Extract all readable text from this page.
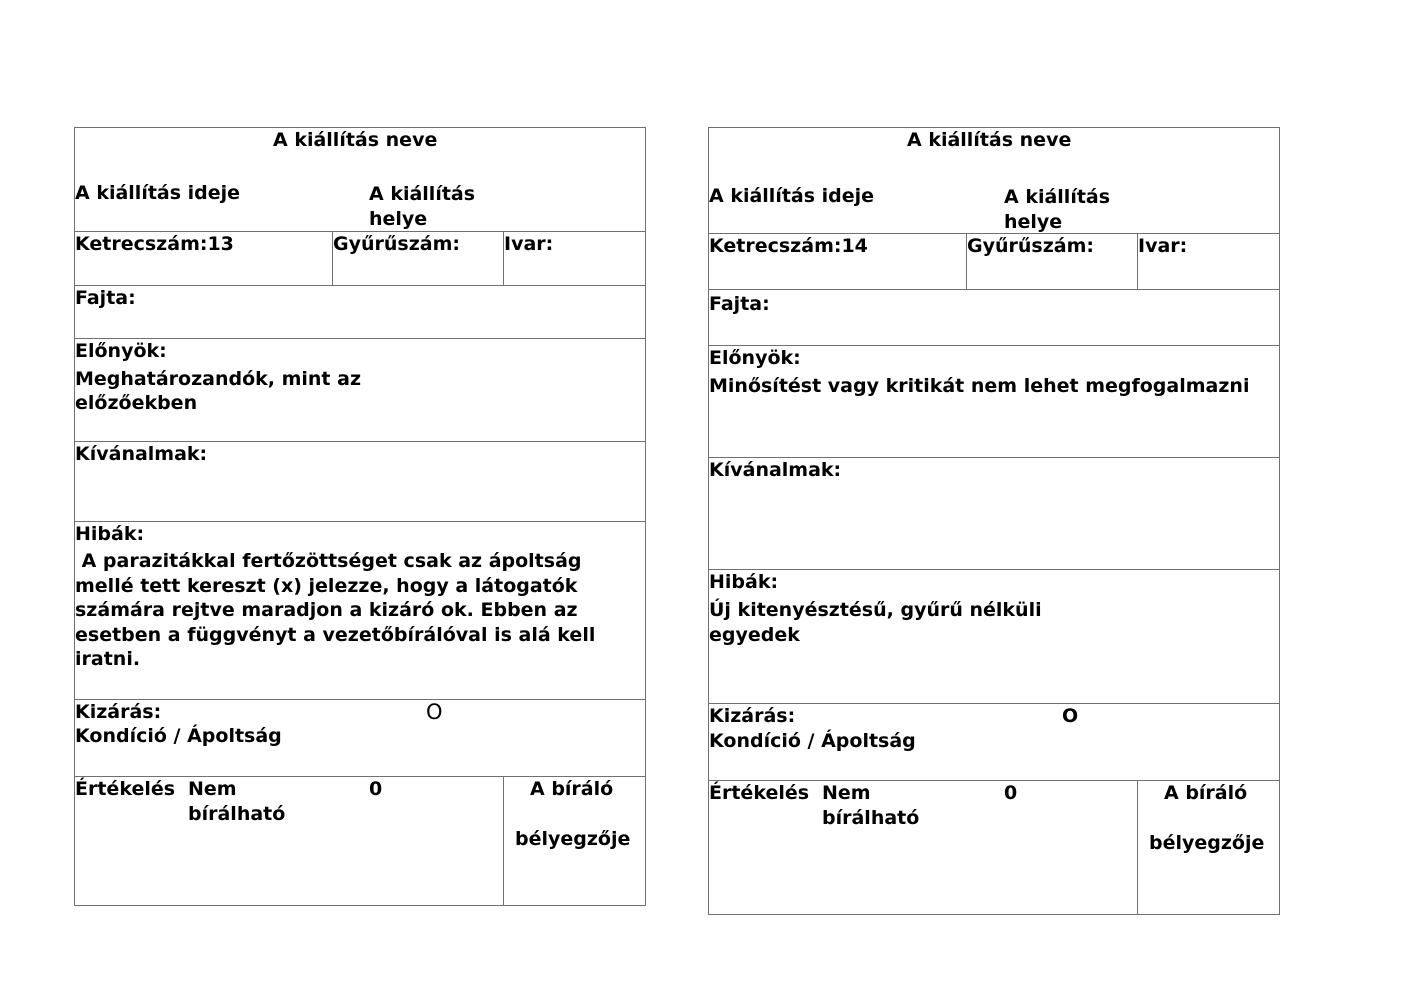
A kiállítás neve
A kiállítás ideje	A kiállítás
helye
Ketrecszám:13	Gyűrűszám: Ivar:
Fajta:
Előnyök:
Meghatározandók, mint az
előzőekben
Kívánalmak:
Hibák:
A parazitákkal fertőzöttséget csak az ápoltság
mellé tett kereszt (x) jelezze, hogy a látogatók
számára rejtve maradjon a kizáró ok. Ebben az
esetben a függvényt a vezetőbírálóval is alá kell
iratni.
Kizárás:	O
Kondíció / Ápoltság
Értékelés Nem
bírálható
0	A bíráló
bélyegzője
A kiállítás neve
A kiállítás ideje	A kiállítás
helye
Ketrecszám:14	Gyűrűszám: Ivar:
Fajta:
Előnyök:
Minősítést vagy kritikát nem lehet megfogalmazni
Kívánalmak:
Hibák:
Új kitenyésztésű, gyűrű nélküli
egyedek
Kizárás:	O
Kondíció / Ápoltság
Értékelés Nem
bírálható
0	A bíráló
bélyegzője
